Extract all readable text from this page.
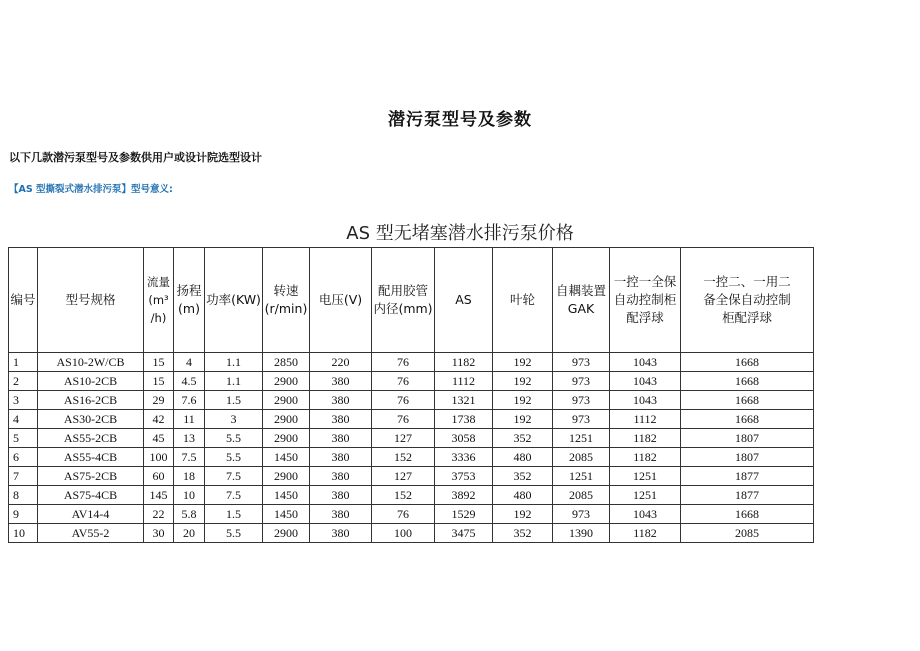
潜污泵型号及参数
以下几款潜污泵型号及参数供用户或设计院选型设计
【AS 型撕裂式潜水排污泵】型号意义:
AS 型无堵塞潜水排污泵价格
编号	型号规格	流量(m³
/h)	扬程
(m)	功率(KW)	转速
(r/min)	电压(V)	配用胶管
内径(mm)	AS	叶轮	自耦装置
GAK	一控一全保
自动控制柜
配浮球	一控二、一用二
备全保自动控制
柜配浮球

1	AS10-2W/CB	15	4	1.1	2850	220	76	1182	192	973	1043	1668
2	AS10-2CB	15	4.5	1.1	2900	380	76	1112	192	973	1043	1668
3	AS16-2CB	29	7.6	1.5	2900	380	76	1321	192	973	1043	1668
4	AS30-2CB	42	11	3	2900	380	76	1738	192	973	1112	1668
5	AS55-2CB	45	13	5.5	2900	380	127	3058	352	1251	1182	1807
6	AS55-4CB	100	7.5	5.5	1450	380	152	3336	480	2085	1182	1807
7	AS75-2CB	60	18	7.5	2900	380	127	3753	352	1251	1251	1877
8	AS75-4CB	145	10	7.5	1450	380	152	3892	480	2085	1251	1877
9	AV14-4	22	5.8	1.5	1450	380	76	1529	192	973	1043	1668
10	AV55-2	30	20	5.5	2900	380	100	3475	352	1390	1182	2085
